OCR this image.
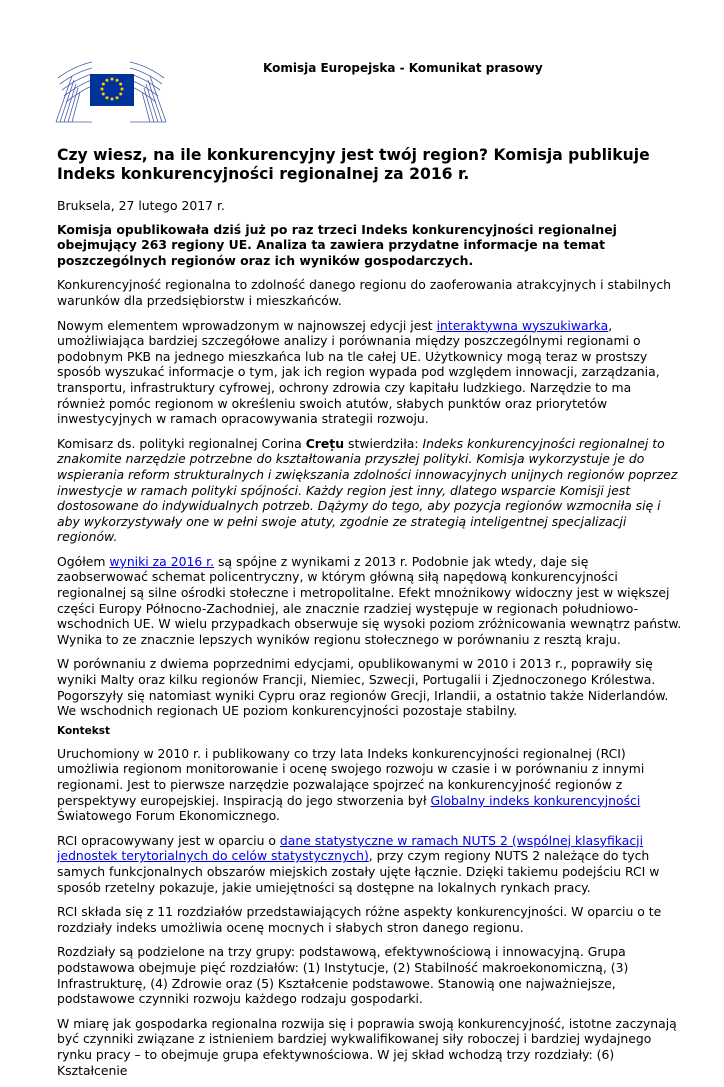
Komisja Europejska - Komunikat prasowy
Czy wiesz, na ile konkurencyjny jest twój region? Komisja publikuje Indeks konkurencyjności regionalnej za 2016 r.

Bruksela, 27 lutego 2017 r.

Komisja opublikowała dziś już po raz trzeci Indeks konkurencyjności regionalnej obejmujący 263 regiony UE. Analiza ta zawiera przydatne informacje na temat poszczególnych regionów oraz ich wyników gospodarczych.

Konkurencyjność regionalna to zdolność danego regionu do zaoferowania atrakcyjnych i stabilnych warunków dla przedsiębiorstw i mieszkańców.

Nowym elementem wprowadzonym w najnowszej edycji jest interaktywna wyszukiwarka, umożliwiająca bardziej szczegółowe analizy i porównania między poszczególnymi regionami o podobnym PKB na jednego mieszkańca lub na tle całej UE. Użytkownicy mogą teraz w prostszy sposób wyszukać informacje o tym, jak ich region wypada pod względem innowacji, zarządzania, transportu, infrastruktury cyfrowej, ochrony zdrowia czy kapitału ludzkiego. Narzędzie to ma również pomóc regionom w określeniu swoich atutów, słabych punktów oraz priorytetów inwestycyjnych w ramach opracowywania strategii rozwoju.

Komisarz ds. polityki regionalnej Corina Crețu stwierdziła: Indeks konkurencyjności regionalnej to znakomite narzędzie potrzebne do kształtowania przyszłej polityki. Komisja wykorzystuje je do wspierania reform strukturalnych i zwiększania zdolności innowacyjnych unijnych regionów poprzez inwestycje w ramach polityki spójności. Każdy region jest inny, dlatego wsparcie Komisji jest dostosowane do indywidualnych potrzeb. Dążymy do tego, aby pozycja regionów wzmocniła się i aby wykorzystywały one w pełni swoje atuty, zgodnie ze strategią inteligentnej specjalizacji regionów.

Ogółem wyniki za 2016 r. są spójne z wynikami z 2013 r. Podobnie jak wtedy, daje się zaobserwować schemat policentryczny, w którym główną siłą napędową konkurencyjności regionalnej są silne ośrodki stołeczne i metropolitalne. Efekt mnożnikowy widoczny jest w większej części Europy Północno-Zachodniej, ale znacznie rzadziej występuje w regionach południowo-wschodnich UE. W wielu przypadkach obserwuje się wysoki poziom zróżnicowania wewnątrz państw. Wynika to ze znacznie lepszych wyników regionu stołecznego w porównaniu z resztą kraju.

W porównaniu z dwiema poprzednimi edycjami, opublikowanymi w 2010 i 2013 r., poprawiły się wyniki Malty oraz kilku regionów Francji, Niemiec, Szwecji, Portugalii i Zjednoczonego Królestwa. Pogorszyły się natomiast wyniki Cypru oraz regionów Grecji, Irlandii, a ostatnio także Niderlandów. We wschodnich regionach UE poziom konkurencyjności pozostaje stabilny.

Kontekst

Uruchomiony w 2010 r. i publikowany co trzy lata Indeks konkurencyjności regionalnej (RCI) umożliwia regionom monitorowanie i ocenę swojego rozwoju w czasie i w porównaniu z innymi regionami. Jest to pierwsze narzędzie pozwalające spojrzeć na konkurencyjność regionów z perspektywy europejskiej. Inspiracją do jego stworzenia był Globalny indeks konkurencyjności Światowego Forum Ekonomicznego.

RCI opracowywany jest w oparciu o dane statystyczne w ramach NUTS 2 (wspólnej klasyfikacji jednostek terytorialnych do celów statystycznych), przy czym regiony NUTS 2 należące do tych samych funkcjonalnych obszarów miejskich zostały ujęte łącznie. Dzięki takiemu podejściu RCI w sposób rzetelny pokazuje, jakie umiejętności są dostępne na lokalnych rynkach pracy.

RCI składa się z 11 rozdziałów przedstawiających różne aspekty konkurencyjności. W oparciu o te rozdziały indeks umożliwia ocenę mocnych i słabych stron danego regionu.

Rozdziały są podzielone na trzy grupy: podstawową, efektywnościową i innowacyjną. Grupa podstawowa obejmuje pięć rozdziałów: (1) Instytucje, (2) Stabilność makroekonomiczną, (3) Infrastrukturę, (4) Zdrowie oraz (5) Kształcenie podstawowe. Stanowią one najważniejsze, podstawowe czynniki rozwoju każdego rodzaju gospodarki.

W miarę jak gospodarka regionalna rozwija się i poprawia swoją konkurencyjność, istotne zaczynają być czynniki związane z istnieniem bardziej wykwalifikowanej siły roboczej i bardziej wydajnego rynku pracy – to obejmuje grupa efektywnościowa. W jej skład wchodzą trzy rozdziały: (6) Kształcenie
